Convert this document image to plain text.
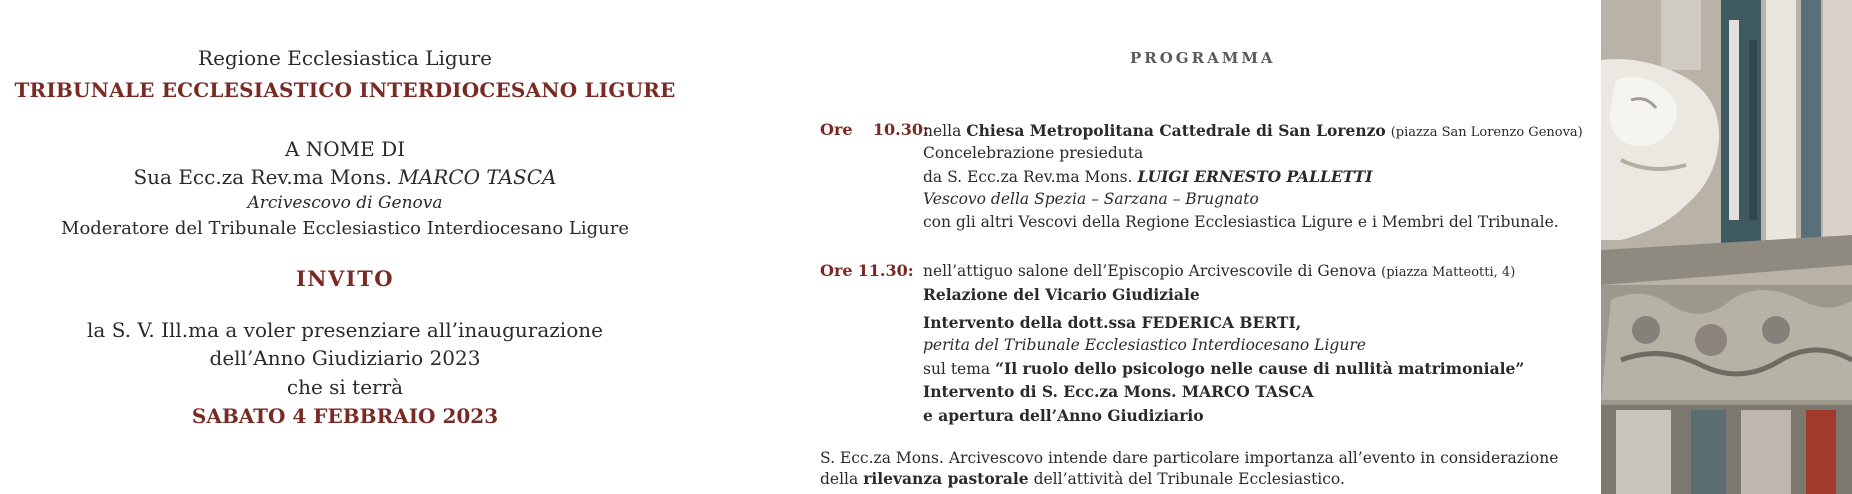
Regione Ecclesiastica Ligure
TRIBUNALE ECCLESIASTICO INTERDIOCESANO LIGURE
A NOME DI
Sua Ecc.za Rev.ma Mons. MARCO TASCA
Arcivescovo di Genova
Moderatore del Tribunale Ecclesiastico Interdiocesano Ligure
INVITO
la S. V. Ill.ma a voler presenziare all’inaugurazione
dell’Anno Giudiziario 2023
che si terrà
SABATO 4 FEBBRAIO 2023
PROGRAMMA
Ore 10.30:
nella Chiesa Metropolitana Cattedrale di San Lorenzo (piazza San Lorenzo Genova)
Concelebrazione presieduta
da S. Ecc.za Rev.ma Mons. LUIGI ERNESTO PALLETTI
Vescovo della Spezia – Sarzana – Brugnato
con gli altri Vescovi della Regione Ecclesiastica Ligure e i Membri del Tribunale.
Ore 11.30: nell’attiguo salone dell’Episcopio Arcivescovile di Genova (piazza Matteotti, 4)
Relazione del Vicario Giudiziale
Intervento della dott.ssa FEDERICA BERTI,
perita del Tribunale Ecclesiastico Interdiocesano Ligure
sul tema “Il ruolo dello psicologo nelle cause di nullità matrimoniale”
Intervento di S. Ecc.za Mons. MARCO TASCA
e apertura dell’Anno Giudiziario
S. Ecc.za Mons. Arcivescovo intende dare particolare importanza all’evento in considerazione
della rilevanza pastorale dell’attività del Tribunale Ecclesiastico.
